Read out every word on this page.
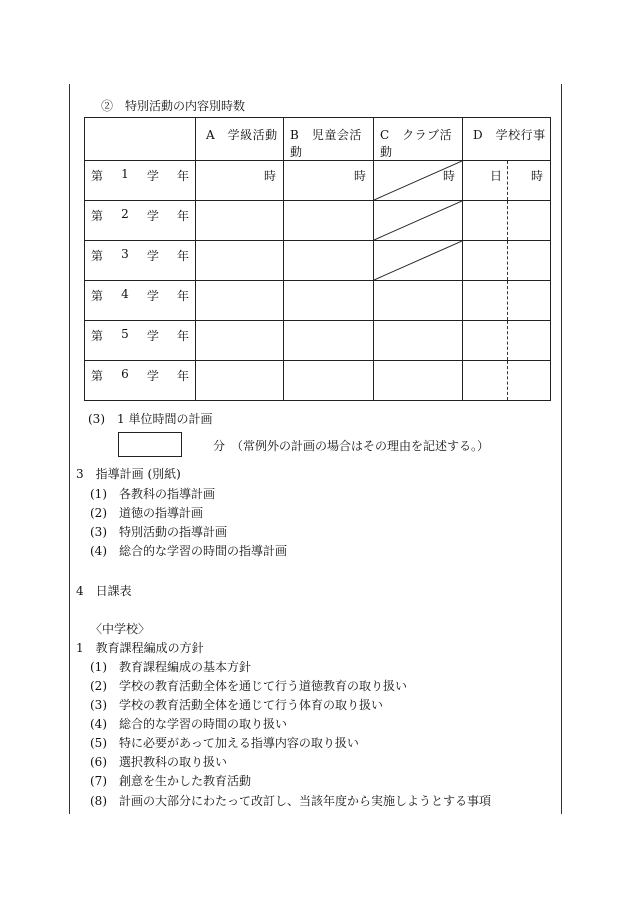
②　特別活動の内容別時数

	A　学級活動	B　児童会活動	C　クラブ活動	D　学校行事

第 1 学 年	時	時	時	日 時

第 2 学 年

第 3 学 年

第 4 学 年				

第 5 学 年				

第 6 学 年				

(3)　1 単位時間の計画
分　（常例外の計画の場合はその理由を記述する。）
3　指導計画 (別紙)
(1)　各教科の指導計画
(2)　道徳の指導計画
(3)　特別活動の指導計画
(4)　総合的な学習の時間の指導計画
4　日課表
〈中学校〉
1　教育課程編成の方針
(1)　教育課程編成の基本方針
(2)　学校の教育活動全体を通じて行う道徳教育の取り扱い
(3)　学校の教育活動全体を通じて行う体育の取り扱い
(4)　総合的な学習の時間の取り扱い
(5)　特に必要があって加える指導内容の取り扱い
(6)　選択教科の取り扱い
(7)　創意を生かした教育活動
(8)　計画の大部分にわたって改訂し、当該年度から実施しようとする事項
